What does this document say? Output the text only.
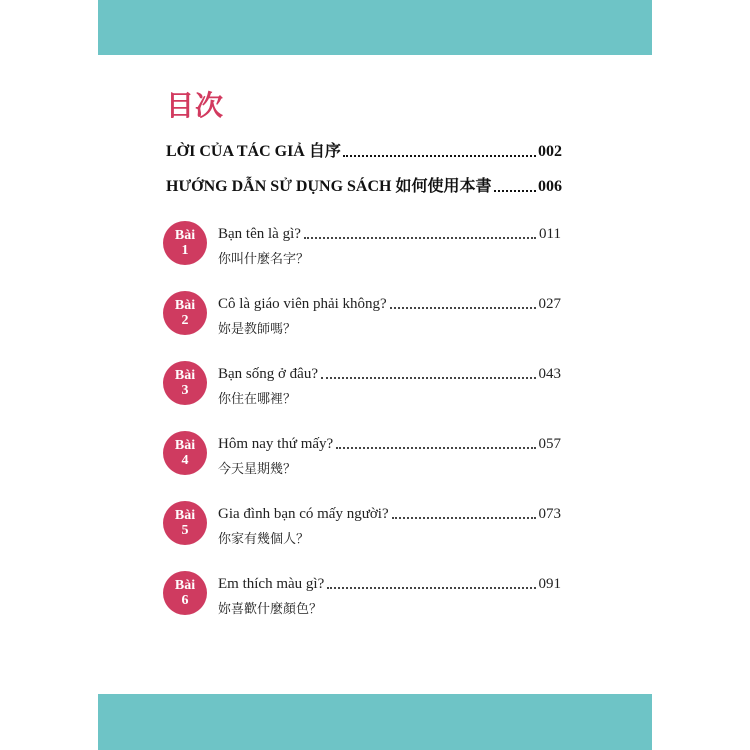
目次
LỜI CỦA TÁC GIẢ 自序	002
HƯỚNG DẪN SỬ DỤNG SÁCH 如何使用本書	006
Bài
1
Bạn tên là gì?	011
你叫什麼名字？
Bài
2
Cô là giáo viên phải không?	027
妳是教師嗎？
Bài
3
Bạn sống ở đâu?	043
你住在哪裡？
Bài
4
Hôm nay thứ mấy?	057
今天星期幾？
Bài
5
Gia đình bạn có mấy người?	073
你家有幾個人？
Bài
6
Em thích màu gì?	091
妳喜歡什麼顏色？
